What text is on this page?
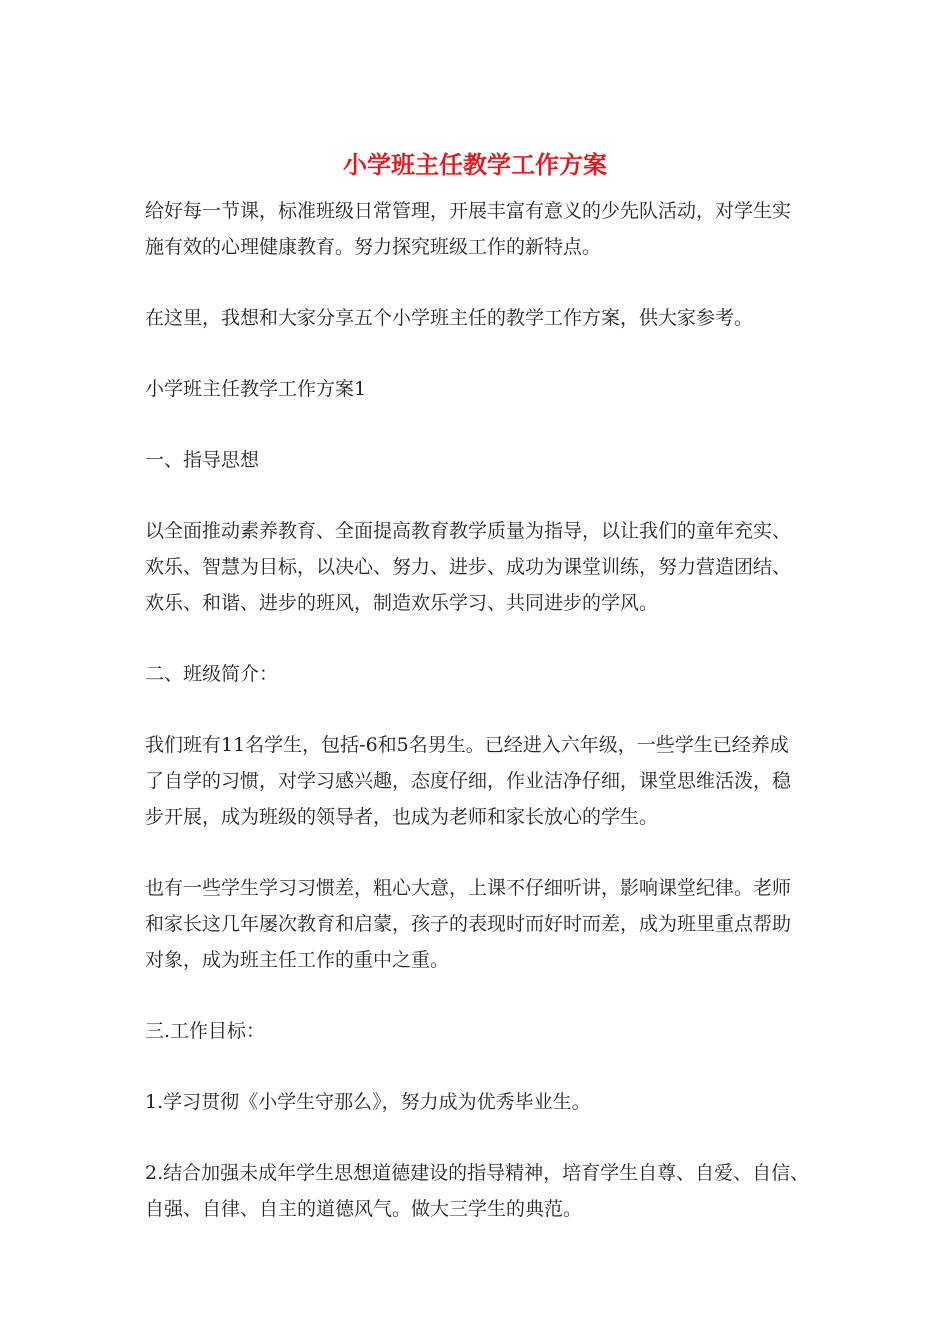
小学班主任教学工作方案

给好每一节课，标准班级日常管理，开展丰富有意义的少先队活动，对学生实
施有效的心理健康教育。努力探究班级工作的新特点。

在这里，我想和大家分享五个小学班主任的教学工作方案，供大家参考。

小学班主任教学工作方案1

一、指导思想

以全面推动素养教育、全面提高教育教学质量为指导，以让我们的童年充实、
欢乐、智慧为目标，以决心、努力、进步、成功为课堂训练，努力营造团结、
欢乐、和谐、进步的班风，制造欢乐学习、共同进步的学风。

二、班级简介：

我们班有11名学生，包括-6和5名男生。已经进入六年级，一些学生已经养成
了自学的习惯，对学习感兴趣，态度仔细，作业洁净仔细，课堂思维活泼，稳
步开展，成为班级的领导者，也成为老师和家长放心的学生。

也有一些学生学习习惯差，粗心大意，上课不仔细听讲，影响课堂纪律。老师
和家长这几年屡次教育和启蒙，孩子的表现时而好时而差，成为班里重点帮助
对象，成为班主任工作的重中之重。

三.工作目标：

1.学习贯彻《小学生守那么》，努力成为优秀毕业生。

2.结合加强未成年学生思想道德建设的指导精神，培育学生自尊、自爱、自信、
自强、自律、自主的道德风气。做大三学生的典范。
